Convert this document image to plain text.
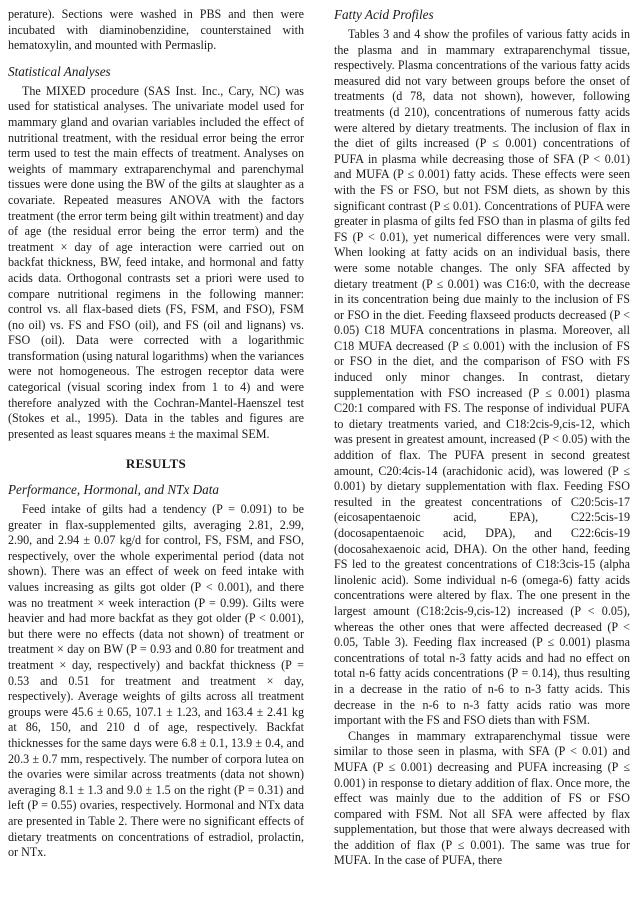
perature). Sections were washed in PBS and then were incubated with diaminobenzidine, counterstained with hematoxylin, and mounted with Permaslip.

Statistical Analyses

The MIXED procedure (SAS Inst. Inc., Cary, NC) was used for statistical analyses. The univariate model used for mammary gland and ovarian variables included the effect of nutritional treatment, with the residual error being the error term used to test the main effects of treatment. Analyses on weights of mammary extraparenchymal and parenchymal tissues were done using the BW of the gilts at slaughter as a covariate. Repeated measures ANOVA with the factors treatment (the error term being gilt within treatment) and day of age (the residual error being the error term) and the treatment × day of age interaction were carried out on backfat thickness, BW, feed intake, and hormonal and fatty acids data. Orthogonal contrasts set a priori were used to compare nutritional regimens in the following manner: control vs. all flax-based diets (FS, FSM, and FSO), FSM (no oil) vs. FS and FSO (oil), and FS (oil and lignans) vs. FSO (oil). Data were corrected with a logarithmic transformation (using natural logarithms) when the variances were not homogeneous. The estrogen receptor data were categorical (visual scoring index from 1 to 4) and were therefore analyzed with the Cochran-Mantel-Haenszel test (Stokes et al., 1995). Data in the tables and figures are presented as least squares means ± the maximal SEM.

RESULTS
Performance, Hormonal, and NTx Data

Feed intake of gilts had a tendency (P = 0.091) to be greater in flax-supplemented gilts, averaging 2.81, 2.99, 2.90, and 2.94 ± 0.07 kg/d for control, FS, FSM, and FSO, respectively, over the whole experimental period (data not shown). There was an effect of week on feed intake with values increasing as gilts got older (P < 0.001), and there was no treatment × week interaction (P = 0.99). Gilts were heavier and had more backfat as they got older (P < 0.001), but there were no effects (data not shown) of treatment or treatment × day on BW (P = 0.93 and 0.80 for treatment and treatment × day, respectively) and backfat thickness (P = 0.53 and 0.51 for treatment and treatment × day, respectively). Average weights of gilts across all treatment groups were 45.6 ± 0.65, 107.1 ± 1.23, and 163.4 ± 2.41 kg at 86, 150, and 210 d of age, respectively. Backfat thicknesses for the same days were 6.8 ± 0.1, 13.9 ± 0.4, and 20.3 ± 0.7 mm, respectively. The number of corpora lutea on the ovaries were similar across treatments (data not shown) averaging 8.1 ± 1.3 and 9.0 ± 1.5 on the right (P = 0.31) and left (P = 0.55) ovaries, respectively. Hormonal and NTx data are presented in Table 2. There were no significant effects of dietary treatments on concentrations of estradiol, prolactin, or NTx.

Fatty Acid Profiles

Tables 3 and 4 show the profiles of various fatty acids in the plasma and in mammary extraparenchymal tissue, respectively. Plasma concentrations of the various fatty acids measured did not vary between groups before the onset of treatments (d 78, data not shown), however, following treatments (d 210), concentrations of numerous fatty acids were altered by dietary treatments. The inclusion of flax in the diet of gilts increased (P ≤ 0.001) concentrations of PUFA in plasma while decreasing those of SFA (P < 0.01) and MUFA (P ≤ 0.001) fatty acids. These effects were seen with the FS or FSO, but not FSM diets, as shown by this significant contrast (P ≤ 0.01). Concentrations of PUFA were greater in plasma of gilts fed FSO than in plasma of gilts fed FS (P < 0.01), yet numerical differences were very small. When looking at fatty acids on an individual basis, there were some notable changes. The only SFA affected by dietary treatment (P ≤ 0.001) was C16:0, with the decrease in its concentration being due mainly to the inclusion of FS or FSO in the diet. Feeding flaxseed products decreased (P < 0.05) C18 MUFA concentrations in plasma. Moreover, all C18 MUFA decreased (P ≤ 0.001) with the inclusion of FS or FSO in the diet, and the comparison of FSO with FS induced only minor changes. In contrast, dietary supplementation with FSO increased (P ≤ 0.001) plasma C20:1 compared with FS. The response of individual PUFA to dietary treatments varied, and C18:2cis-9,cis-12, which was present in greatest amount, increased (P < 0.05) with the addition of flax. The PUFA present in second greatest amount, C20:4cis-14 (arachidonic acid), was lowered (P ≤ 0.001) by dietary supplementation with flax. Feeding FSO resulted in the greatest concentrations of C20:5cis-17 (eicosapentaenoic acid, EPA), C22:5cis-19 (docosapentaenoic acid, DPA), and C22:6cis-19 (docosahexaenoic acid, DHA). On the other hand, feeding FS led to the greatest concentrations of C18:3cis-15 (alpha linolenic acid). Some individual n-6 (omega-6) fatty acids concentrations were altered by flax. The one present in the largest amount (C18:2cis-9,cis-12) increased (P < 0.05), whereas the other ones that were affected decreased (P < 0.05, Table 3). Feeding flax increased (P ≤ 0.001) plasma concentrations of total n-3 fatty acids and had no effect on total n-6 fatty acids concentrations (P = 0.14), thus resulting in a decrease in the ratio of n-6 to n-3 fatty acids. This decrease in the n-6 to n-3 fatty acids ratio was more important with the FS and FSO diets than with FSM.

Changes in mammary extraparenchymal tissue were similar to those seen in plasma, with SFA (P < 0.01) and MUFA (P ≤ 0.001) decreasing and PUFA increasing (P ≤ 0.001) in response to dietary addition of flax. Once more, the effect was mainly due to the addition of FS or FSO compared with FSM. Not all SFA were affected by flax supplementation, but those that were always decreased with the addition of flax (P ≤ 0.001). The same was true for MUFA. In the case of PUFA, there
